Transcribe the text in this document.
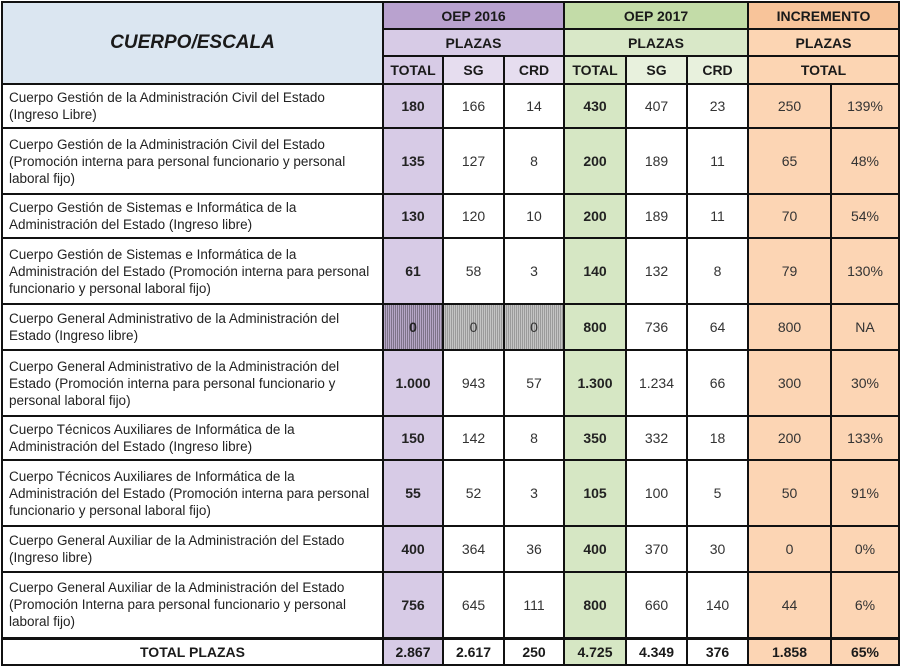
CUERPO/ESCALA	OEP 2016			OEP 2017			INCREMENTO	
	PLAZAS			PLAZAS			PLAZAS	
	TOTAL	SG	CRD	TOTAL	SG	CRD	TOTAL	
Cuerpo Gestión de la Administración Civil del Estado (Ingreso Libre)	180	166	14	430	407	23	250	139%
Cuerpo Gestión de la Administración Civil del Estado (Promoción interna para personal funcionario y personal laboral fijo)	135	127	8	200	189	11	65	48%
Cuerpo Gestión de Sistemas e Informática de la Administración del Estado (Ingreso libre)	130	120	10	200	189	11	70	54%
Cuerpo Gestión de Sistemas e Informática de la Administración del Estado (Promoción interna para personal funcionario y personal laboral fijo)	61	58	3	140	132	8	79	130%
Cuerpo General Administrativo de la Administración del Estado (Ingreso libre)	0	0	0	800	736	64	800	NA
Cuerpo General Administrativo de la Administración del Estado (Promoción interna para personal funcionario y personal laboral fijo)	1.000	943	57	1.300	1.234	66	300	30%
Cuerpo Técnicos Auxiliares de Informática de la Administración del Estado (Ingreso libre)	150	142	8	350	332	18	200	133%
Cuerpo Técnicos Auxiliares de Informática de la Administración del Estado (Promoción interna para personal funcionario y personal laboral fijo)	55	52	3	105	100	5	50	91%
Cuerpo General Auxiliar de la Administración del Estado (Ingreso libre)	400	364	36	400	370	30	0	0%
Cuerpo General Auxiliar de la Administración del Estado (Promoción Interna para personal funcionario y personal laboral fijo)	756	645	111	800	660	140	44	6%
TOTAL PLAZAS	2.867	2.617	250	4.725	4.349	376	1.858	65%
